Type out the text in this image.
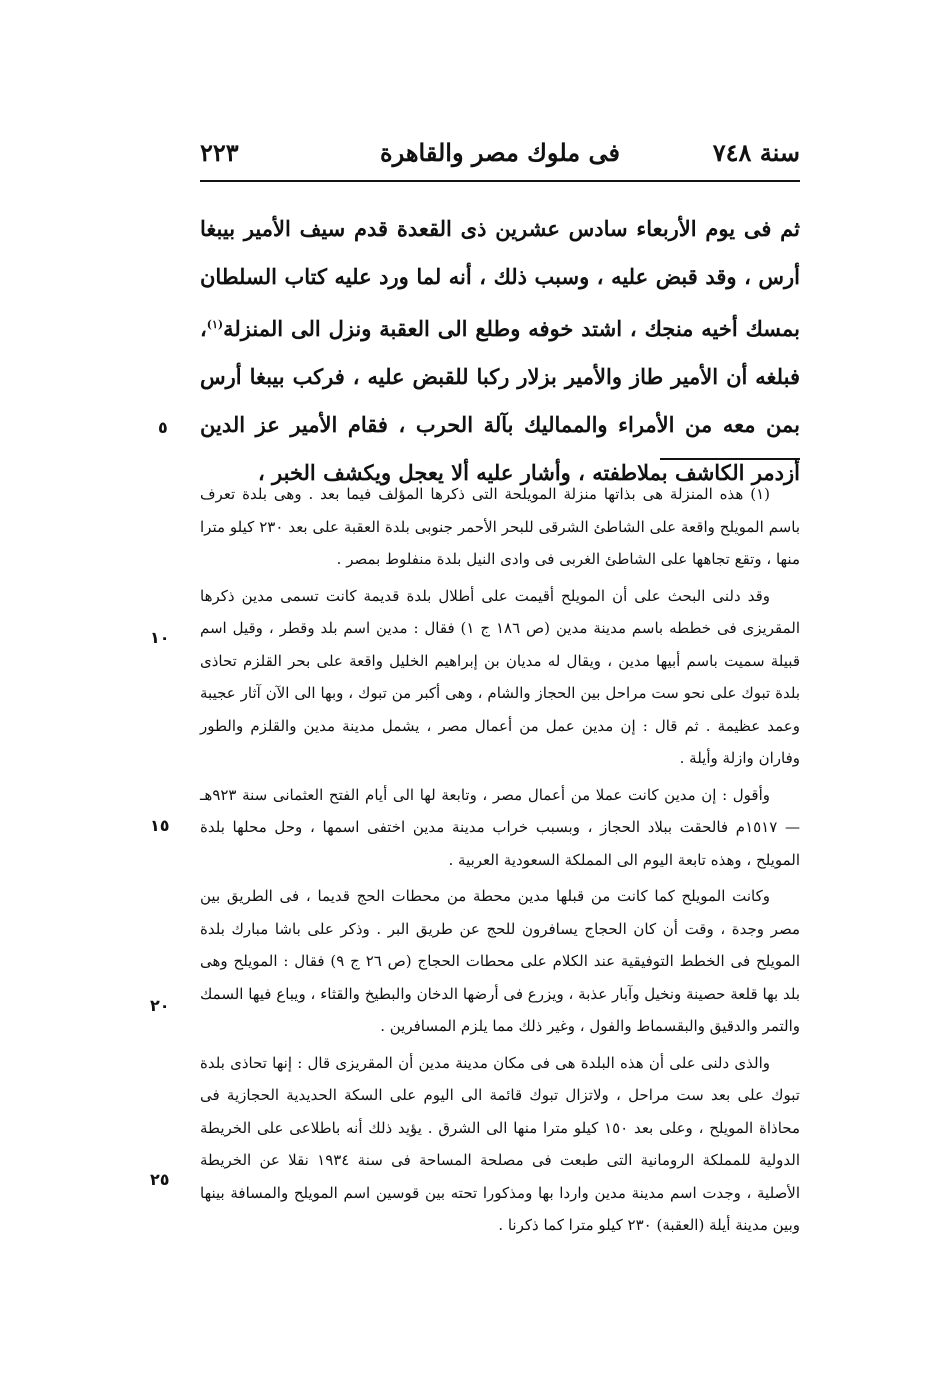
سنة ٧٤٨
فى ملوك مصر والقاهرة
٢٢٣
ثم فى يوم الأربعاء سادس عشرين ذى القعدة قدم سيف الأمير بيبغا أرس ، وقد قبض عليه ، وسبب ذلك ، أنه لما ورد عليه كتاب السلطان بمسك أخيه منجك ، اشتد خوفه وطلع الى العقبة ونزل الى المنزلة$^{(١)}$، فبلغه أن الأمير طاز والأمير بزلار ركبا للقبض عليه ، فركب بيبغا أرس بمن معه من الأمراء والمماليك بآلة الحرب ، فقام الأمير عز الدين أزدمر الكاشف بملاطفته ، وأشار عليه ألا يعجل ويكشف الخبر ،

(١) هذه المنزلة هى بذاتها منزلة المويلحة التى ذكرها المؤلف فيما بعد . وهى بلدة تعرف باسم المويلح واقعة على الشاطئ الشرقى للبحر الأحمر جنوبى بلدة العقبة على بعد ٢٣٠ كيلو مترا منها ، وتقع تجاهها على الشاطئ الغربى فى وادى النيل بلدة منفلوط بمصر .

وقد دلنى البحث على أن المويلح أقيمت على أطلال بلدة قديمة كانت تسمى مدين ذكرها المقريزى فى خططه باسم مدينة مدين (ص ١٨٦ ج ١) فقال : مدين اسم بلد وقطر ، وقيل اسم قبيلة سميت باسم أبيها مدين ، ويقال له مديان بن إبراهيم الخليل واقعة على بحر القلزم تحاذى بلدة تبوك على نحو ست مراحل بين الحجاز والشام ، وهى أكبر من تبوك ، وبها الى الآن آثار عجيبة وعمد عظيمة . ثم قال : إن مدين عمل من أعمال مصر ، يشمل مدينة مدين والقلزم والطور وفاران وازلة وأيلة .

وأقول : إن مدين كانت عملا من أعمال مصر ، وتابعة لها الى أيام الفتح العثمانى سنة ٩٢٣هـ — ١٥١٧م فالحقت ببلاد الحجاز ، وبسبب خراب مدينة مدين اختفى اسمها ، وحل محلها بلدة المويلح ، وهذه تابعة اليوم الى المملكة السعودية العربية .

وكانت المويلح كما كانت من قبلها مدين محطة من محطات الحج قديما ، فى الطريق بين مصر وجدة ، وقت أن كان الحجاج يسافرون للحج عن طريق البر . وذكر على باشا مبارك بلدة المويلح فى الخطط التوفيقية عند الكلام على محطات الحجاج (ص ٢٦ ج ٩) فقال : المويلح وهى بلد بها قلعة حصينة ونخيل وآبار عذبة ، ويزرع فى أرضها الدخان والبطيخ والقثاء ، ويباع فيها السمك والتمر والدقيق والبقسماط والفول ، وغير ذلك مما يلزم المسافرين .

والذى دلنى على أن هذه البلدة هى فى مكان مدينة مدين أن المقريزى قال : إنها تحاذى بلدة تبوك على بعد ست مراحل ، ولاتزال تبوك قائمة الى اليوم على السكة الحديدية الحجازية فى محاذاة المويلح ، وعلى بعد ١٥٠ كيلو مترا منها الى الشرق . يؤيد ذلك أنه باطلاعى على الخريطة الدولية للمملكة الرومانية التى طبعت فى مصلحة المساحة فى سنة ١٩٣٤ نقلا عن الخريطة الأصلية ، وجدت اسم مدينة مدين واردا بها ومذكورا تحته بين قوسين اسم المويلح والمسافة بينها وبين مدينة أيلة (العقبة) ٢٣٠ كيلو مترا كما ذكرنا .

٥
١٠
١٥
٢٠
٢٥
